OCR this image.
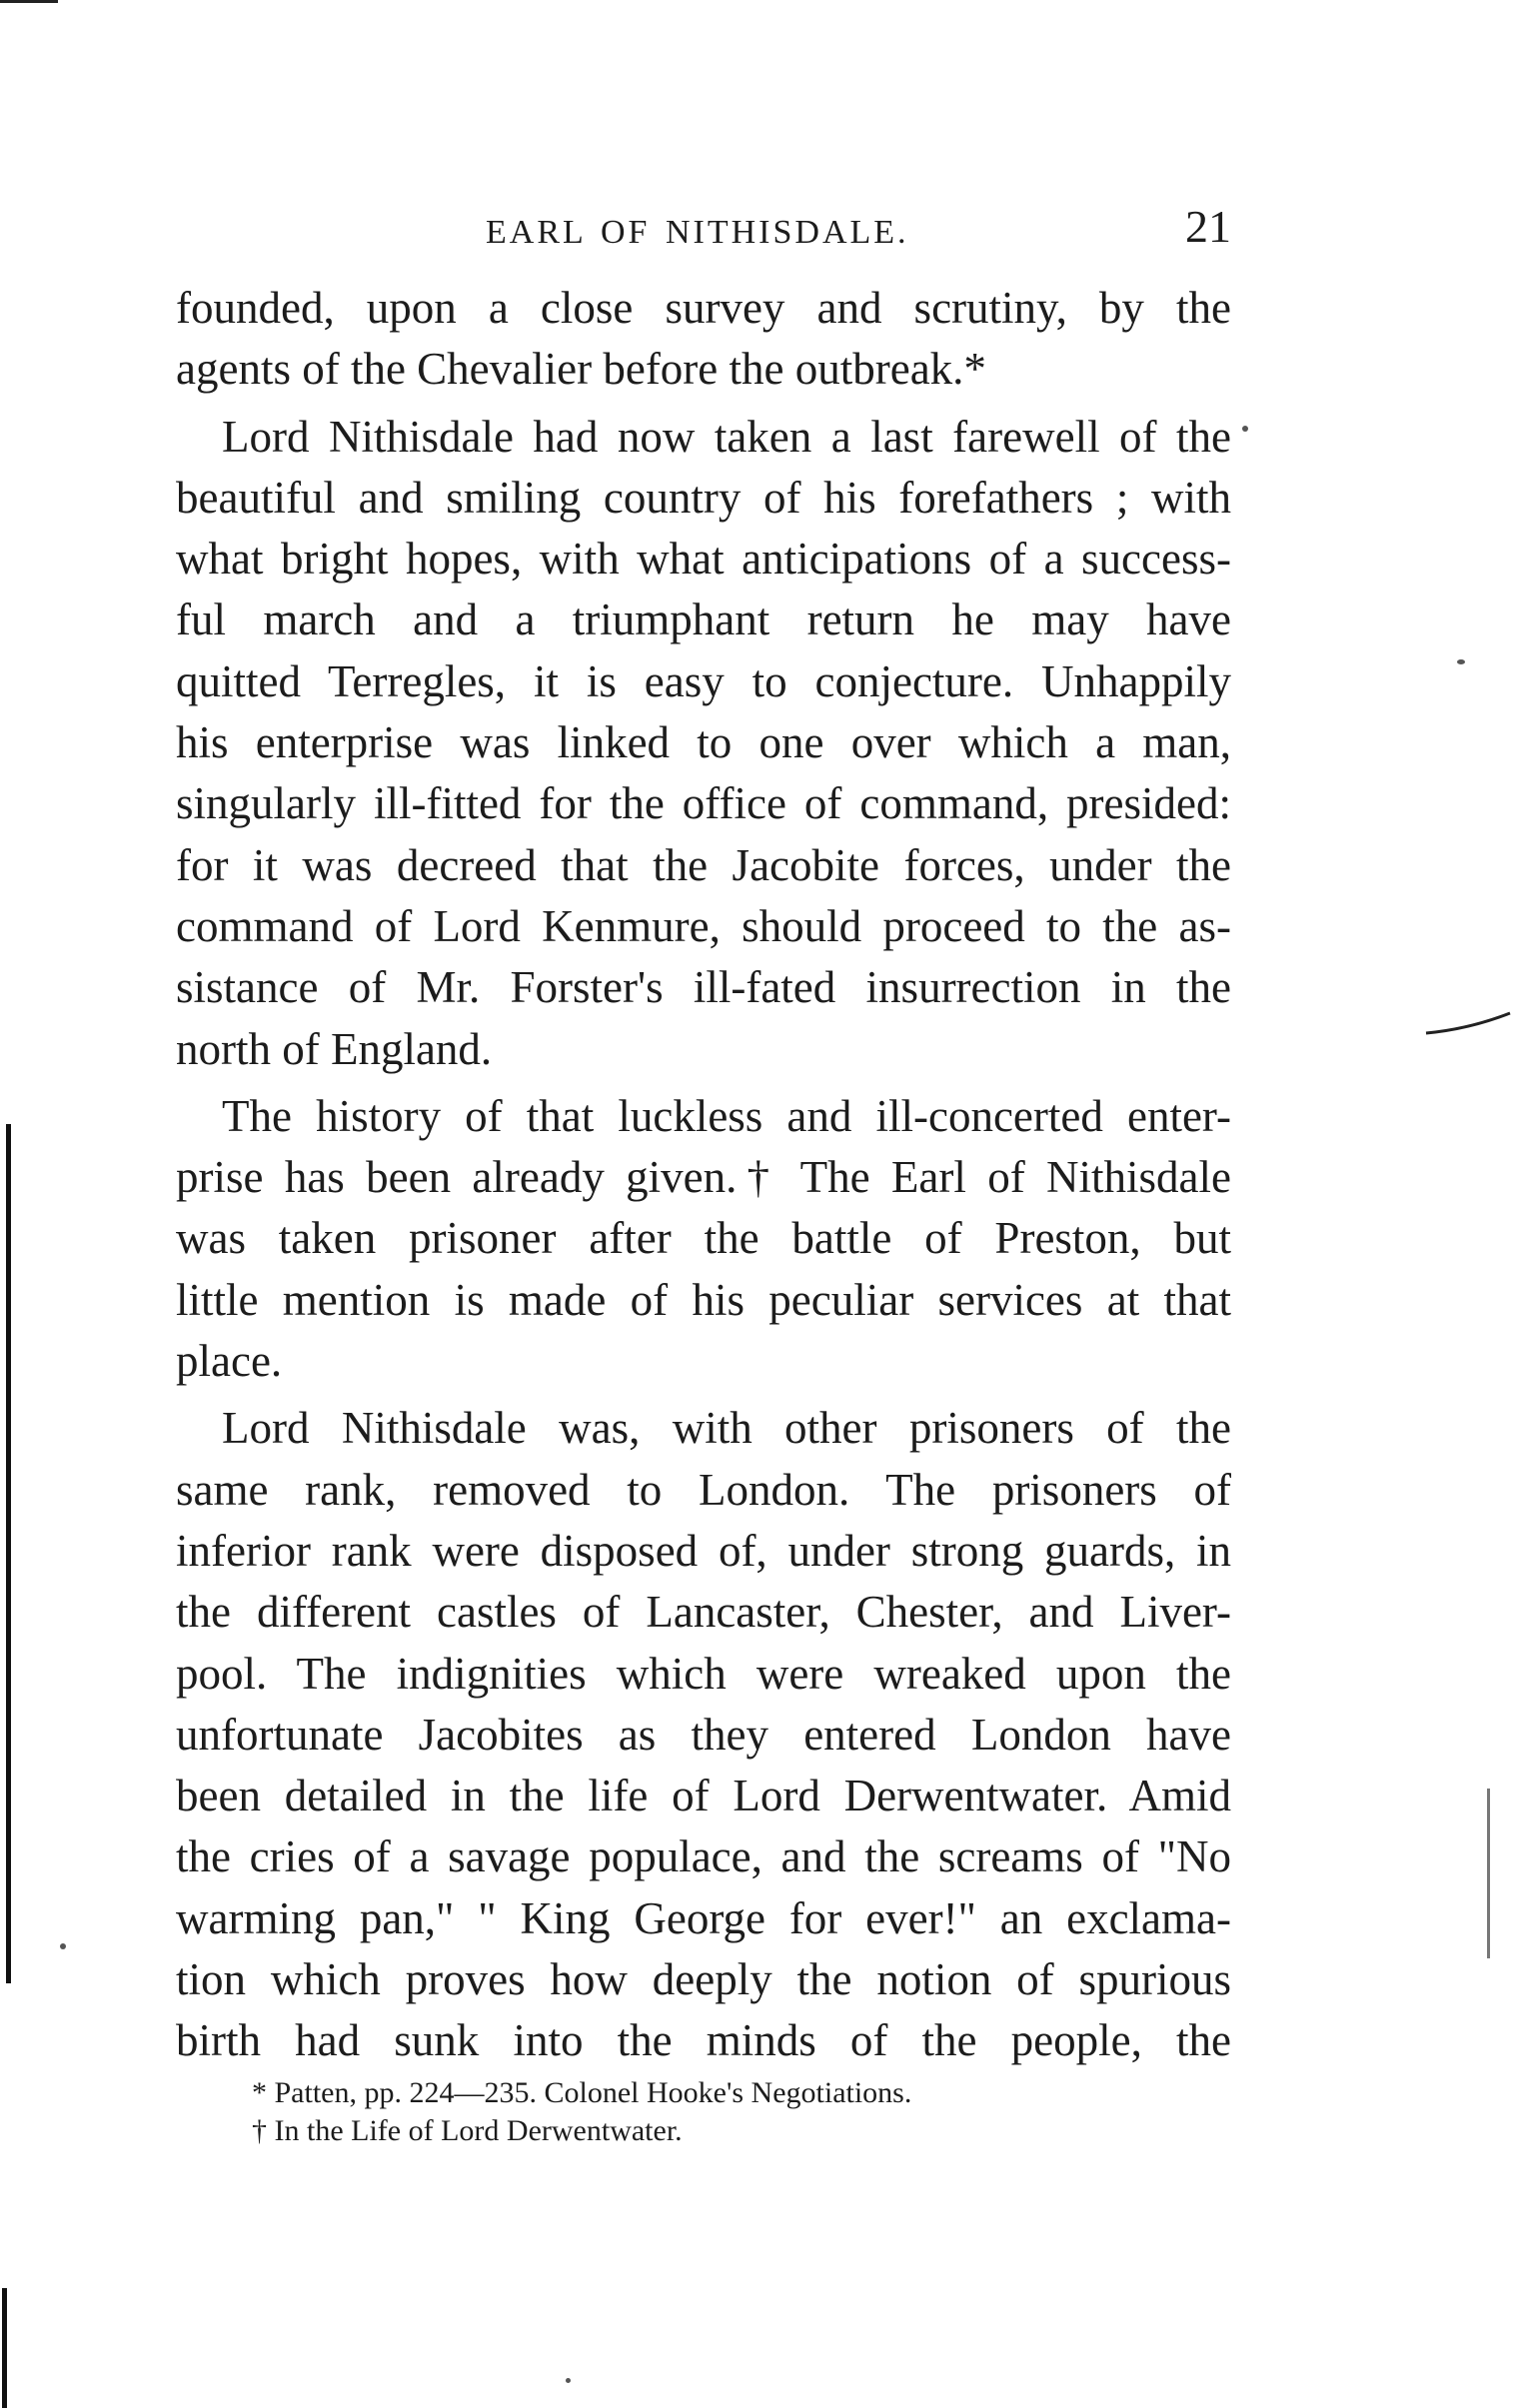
EARL OF NITHISDALE.	21
founded, upon a close survey and scrutiny, by the
agents of the Chevalier before the outbreak.*
Lord Nithisdale had now taken a last farewell of the
beautiful and smiling country of his forefathers ; with
what bright hopes, with what anticipations of a success-
ful march and a triumphant return he may have
quitted Terregles, it is easy to conjecture. Unhappily
his enterprise was linked to one over which a man,
singularly ill-fitted for the office of command, presided:
for it was decreed that the Jacobite forces, under the
command of Lord Kenmure, should proceed to the as-
sistance of Mr. Forster's ill-fated insurrection in the
north of England.
The history of that luckless and ill-concerted enter-
prise has been already given.† The Earl of Nithisdale
was taken prisoner after the battle of Preston, but
little mention is made of his peculiar services at that
place.
Lord Nithisdale was, with other prisoners of the
same rank, removed to London. The prisoners of
inferior rank were disposed of, under strong guards, in
the different castles of Lancaster, Chester, and Liver-
pool. The indignities which were wreaked upon the
unfortunate Jacobites as they entered London have
been detailed in the life of Lord Derwentwater. Amid
the cries of a savage populace, and the screams of "No
warming pan," " King George for ever!" an exclama-
tion which proves how deeply the notion of spurious
birth had sunk into the minds of the people, the
* Patten, pp. 224—235. Colonel Hooke's Negotiations.
† In the Life of Lord Derwentwater.
